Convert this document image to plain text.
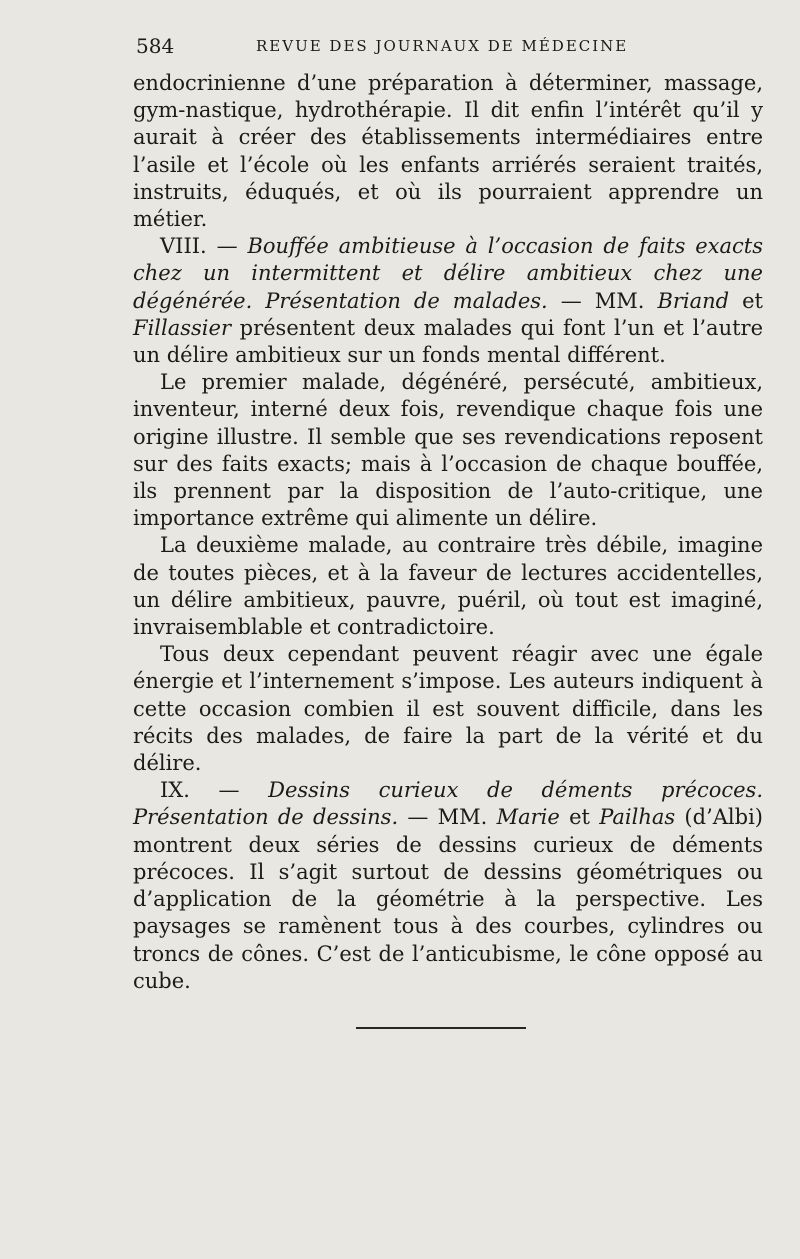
584	REVUE DES JOURNAUX DE MÉDECINE

endocrinienne d’une préparation à déterminer, massage, gym-nastique, hydrothérapie. Il dit enfin l’intérêt qu’il y aurait à créer des établissements intermédiaires entre l’asile et l’école où les enfants arriérés seraient traités, instruits, éduqués, et où ils pourraient apprendre un métier.

VIII. — Bouffée ambitieuse à l’occasion de faits exacts chez un intermittent et délire ambitieux chez une dégénérée. Présentation de malades. — MM. Briand et Fillassier présentent deux malades qui font l’un et l’autre un délire ambitieux sur un fonds mental différent.

Le premier malade, dégénéré, persécuté, ambitieux, inventeur, interné deux fois, revendique chaque fois une origine illustre. Il semble que ses revendications reposent sur des faits exacts; mais à l’occasion de chaque bouffée, ils prennent par la disposition de l’auto-critique, une importance extrême qui alimente un délire.

La deuxième malade, au contraire très débile, imagine de toutes pièces, et à la faveur de lectures accidentelles, un délire ambitieux, pauvre, puéril, où tout est imaginé, invraisemblable et contradictoire.

Tous deux cependant peuvent réagir avec une égale énergie et l’internement s’impose. Les auteurs indiquent à cette occasion combien il est souvent difficile, dans les récits des malades, de faire la part de la vérité et du délire.

IX. — Dessins curieux de déments précoces. Présentation de dessins. — MM. Marie et Pailhas (d’Albi) montrent deux séries de dessins curieux de déments précoces. Il s’agit surtout de dessins géométriques ou d’application de la géométrie à la perspective. Les paysages se ramènent tous à des courbes, cylindres ou troncs de cônes. C’est de l’anticubisme, le cône opposé au cube.
